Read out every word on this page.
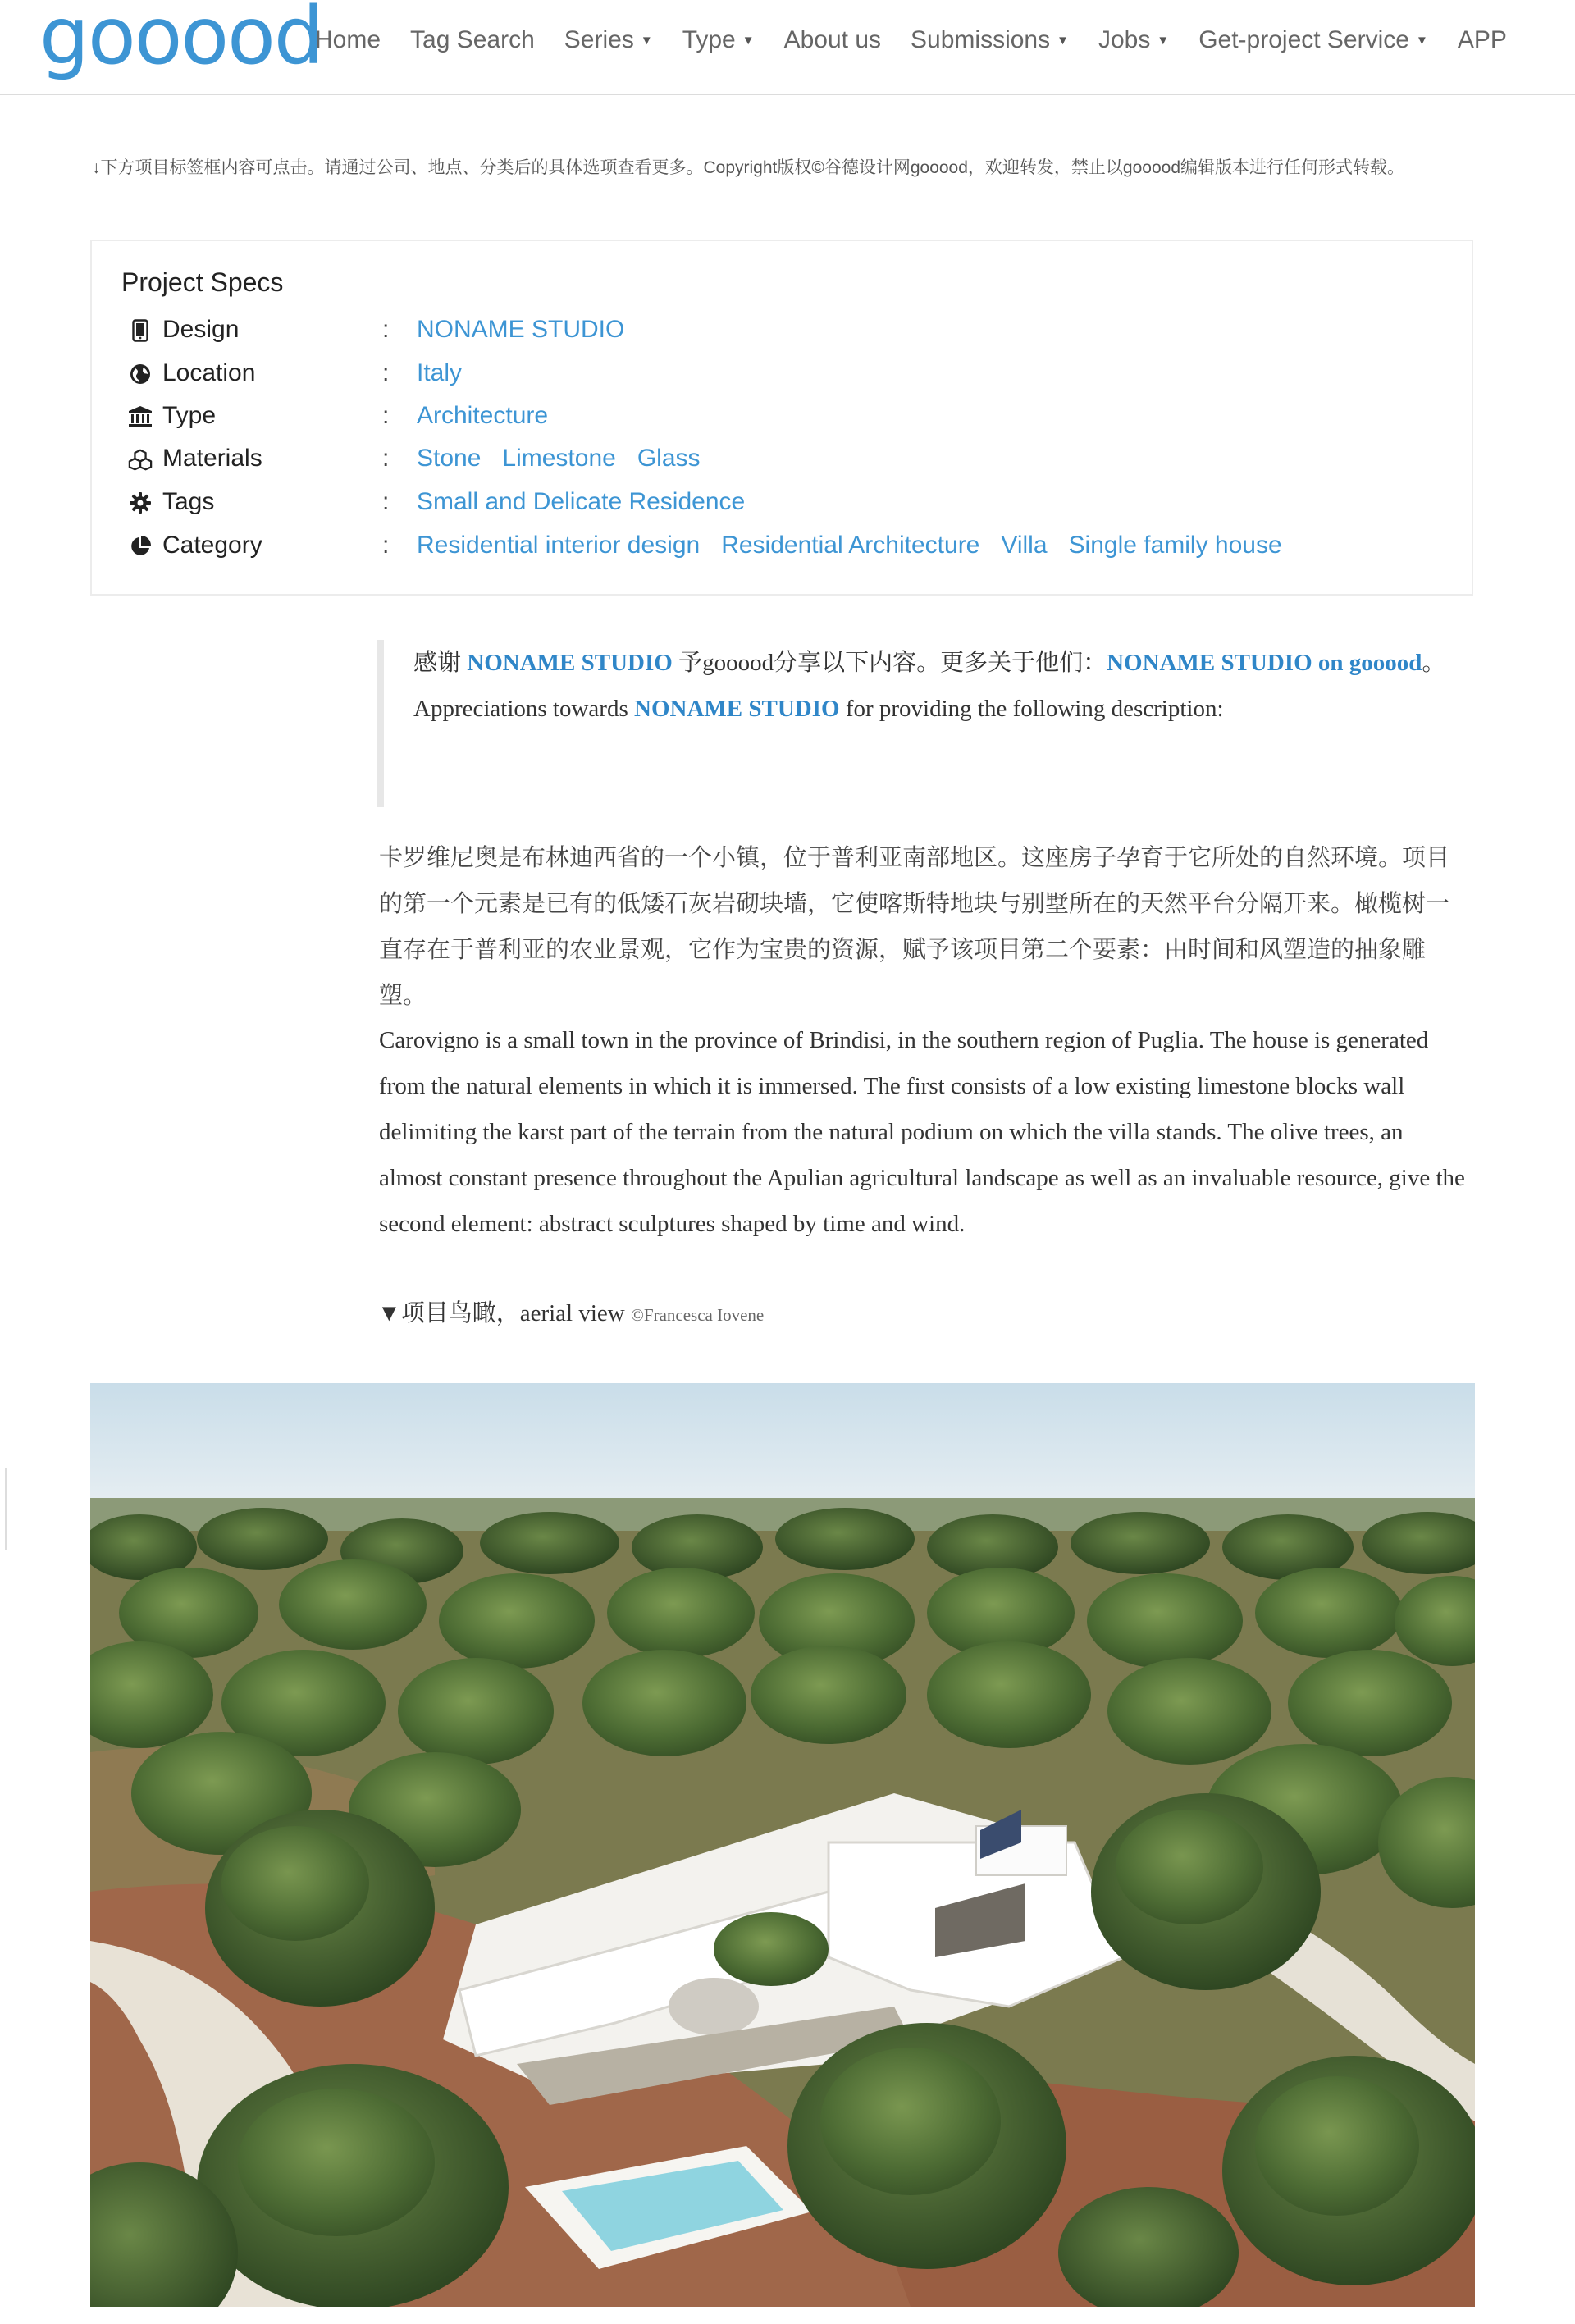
gooood
Home Tag Search Series ▼ Type ▼ About us Submissions ▼ Jobs ▼ Get-project Service ▼ APP
↓下方项目标签框内容可点击。请通过公司、地点、分类后的具体选项查看更多。Copyright版权©谷德设计网gooood，欢迎转发，禁止以gooood编辑版本进行任何形式转载。
Project Specs
Design	: NONAME STUDIO
Location	: Italy
Type	: Architecture
Materials	: Stone Limestone Glass
Tags	: Small and Delicate Residence
Category	: Residential interior design Residential Architecture Villa Single family house

感谢 NONAME STUDIO 予gooood分享以下内容。更多关于他们：NONAME STUDIO on gooood。

Appreciations towards NONAME STUDIO for providing the following description:

卡罗维尼奥是布林迪西省的一个小镇，位于普利亚南部地区。这座房子孕育于它所处的自然环境。项目的第一个元素是已有的低矮石灰岩砌块墙，它使喀斯特地块与别墅所在的天然平台分隔开来。橄榄树一直存在于普利亚的农业景观，它作为宝贵的资源，赋予该项目第二个要素：由时间和风塑造的抽象雕塑。

Carovigno is a small town in the province of Brindisi, in the southern region of Puglia. The house is generated from the natural elements in which it is immersed. The first consists of a low existing limestone blocks wall delimiting the karst part of the terrain from the natural podium on which the villa stands. The olive trees, an almost constant presence throughout the Apulian agricultural landscape as well as an invaluable resource, give the second element: abstract sculptures shaped by time and wind.

▼项目鸟瞰，aerial view ©Francesca Iovene
